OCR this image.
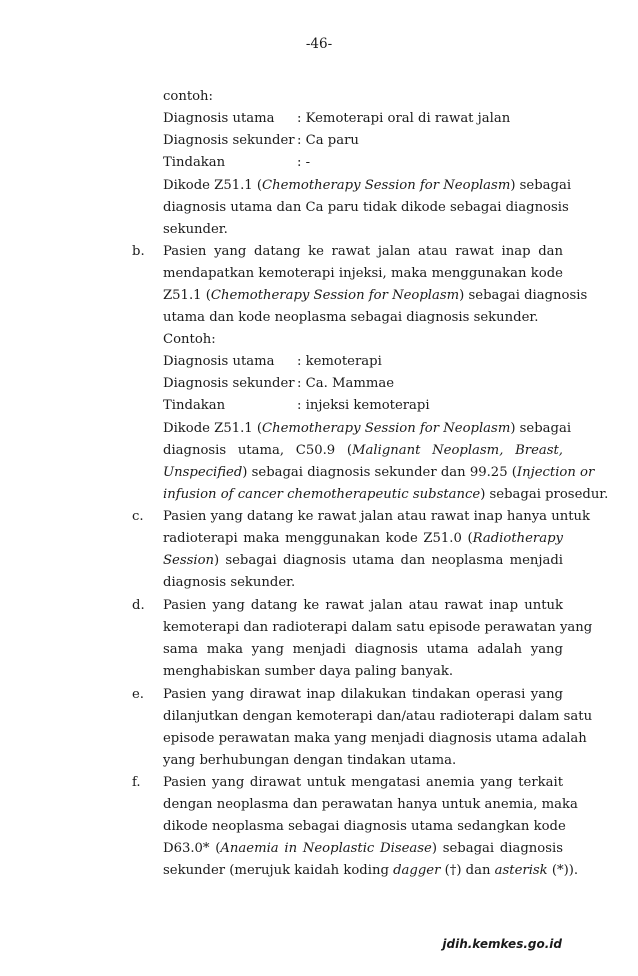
-46-
contoh:
Diagnosis utama : Kemoterapi oral di rawat jalan
Diagnosis sekunder : Ca paru
Tindakan	: -
Dikode Z51.1 (Chemotherapy Session for Neoplasm) sebagai
diagnosis utama dan Ca paru tidak dikode sebagai diagnosis
sekunder.
b. Pasien yang datang ke rawat jalan atau rawat inap dan
mendapatkan kemoterapi injeksi, maka menggunakan kode
Z51.1 (Chemotherapy Session for Neoplasm) sebagai diagnosis
utama dan kode neoplasma sebagai diagnosis sekunder.
Contoh:
Diagnosis utama : kemoterapi
Diagnosis sekunder : Ca. Mammae
Tindakan	: injeksi kemoterapi
Dikode Z51.1 (Chemotherapy Session for Neoplasm) sebagai
diagnosis utama, C50.9 (Malignant Neoplasm, Breast,
Unspecified) sebagai diagnosis sekunder dan 99.25 (Injection or
infusion of cancer chemotherapeutic substance) sebagai prosedur.
c. Pasien yang datang ke rawat jalan atau rawat inap hanya untuk
radioterapi maka menggunakan kode Z51.0 (Radiotherapy
Session) sebagai diagnosis utama dan neoplasma menjadi
diagnosis sekunder.
d. Pasien yang datang ke rawat jalan atau rawat inap untuk
kemoterapi dan radioterapi dalam satu episode perawatan yang
sama maka yang menjadi diagnosis utama adalah yang
menghabiskan sumber daya paling banyak.
e. Pasien yang dirawat inap dilakukan tindakan operasi yang
dilanjutkan dengan kemoterapi dan/atau radioterapi dalam satu
episode perawatan maka yang menjadi diagnosis utama adalah
yang berhubungan dengan tindakan utama.
f. Pasien yang dirawat untuk mengatasi anemia yang terkait
dengan neoplasma dan perawatan hanya untuk anemia, maka
dikode neoplasma sebagai diagnosis utama sedangkan kode
D63.0* (Anaemia in Neoplastic Disease) sebagai diagnosis
sekunder (merujuk kaidah koding dagger (†) dan asterisk (*)).
jdih.kemkes.go.id
